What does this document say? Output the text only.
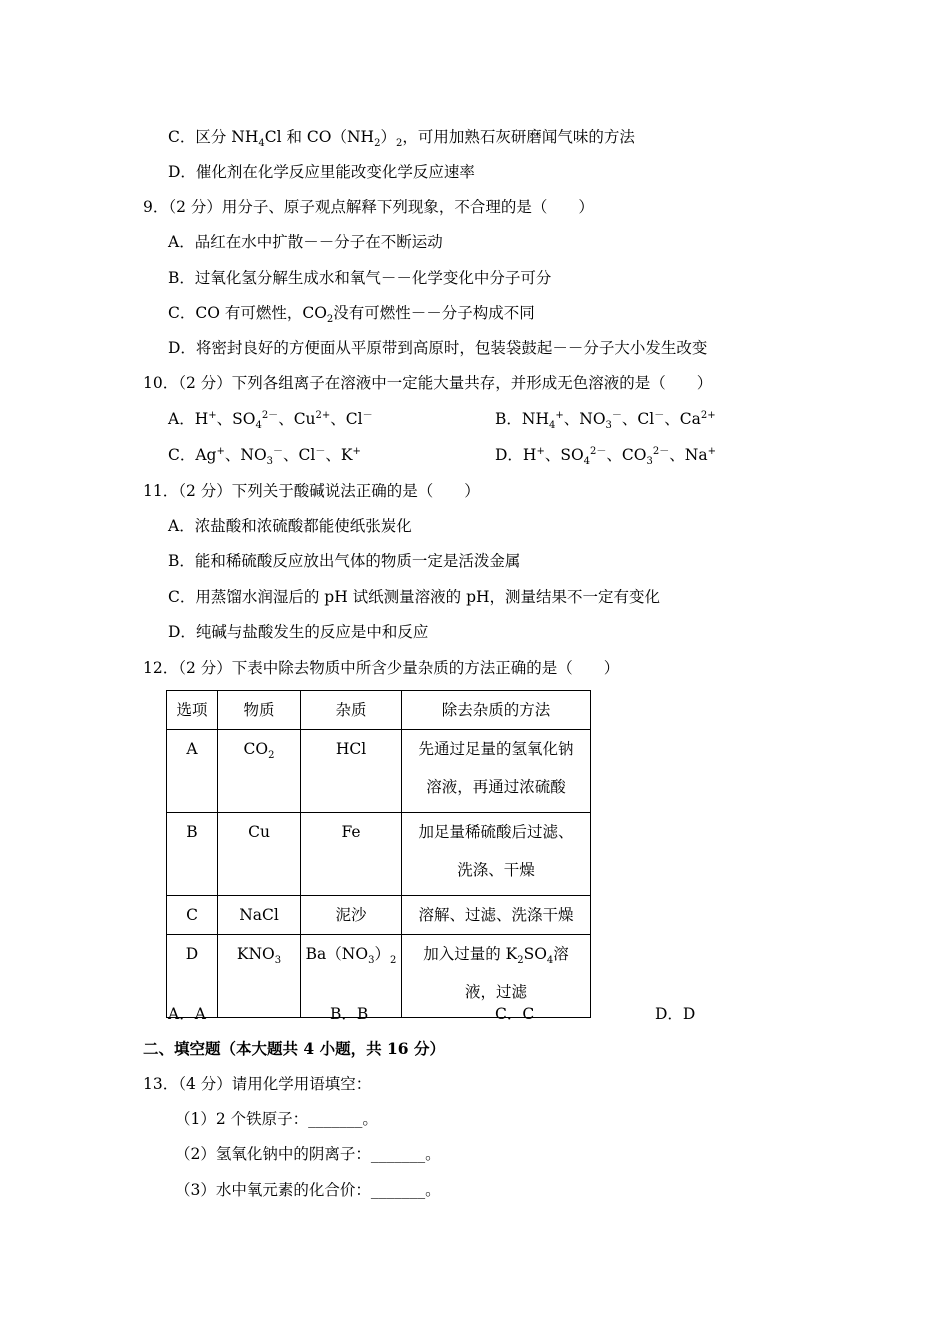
C．区分 $NH_4Cl$ 和 $CO(NH_2)_2$，可用加熟石灰研磨闻气味的方法
D．催化剂在化学反应里能改变化学反应速率
9．（2 分）用分子、原子观点解释下列现象，不合理的是（　　）
A．品红在水中扩散－－分子在不断运动
B．过氧化氢分解生成水和氧气－－化学变化中分子可分
C．CO 有可燃性，$CO_2$没有可燃性－－分子构成不同
D．将密封良好的方便面从平原带到高原时，包装袋鼓起－－分子大小发生改变
10．（2 分）下列各组离子在溶液中一定能大量共存，并形成无色溶液的是（　　）
A．H+、$SO_4^{2-}$、$Cu^{2+}$、Cl－	B．$NH_4^+$、$NO_3^-$、Cl－、$Ca^{2+}$
C．Ag+、$NO_3^-$、Cl－、K+	D．H+、$SO_4^{2-}$、$CO_3^{2-}$、Na+
11．（2 分）下列关于酸碱说法正确的是（　　）
A．浓盐酸和浓硫酸都能使纸张炭化
B．能和稀硫酸反应放出气体的物质一定是活泼金属
C．用蒸馏水润湿后的 pH 试纸测量溶液的 pH，测量结果不一定有变化
D．纯碱与盐酸发生的反应是中和反应
12．（2 分）下表中除去物质中所含少量杂质的方法正确的是（　　）
选项	物质	杂质	除去杂质的方法
A	$CO_2$	HCl	先通过足量的氢氧化钠
溶液，再通过浓硫酸

B	Cu	Fe	加足量稀硫酸后过滤、
洗涤、干燥

C	NaCl	泥沙	溶解、过滤、洗涤干燥
D	$KNO_3$	$Ba(NO_3)_2$	加入过量的 $K_2SO_4$溶
液，过滤
A．A	B．B	C．C	D．D
二、填空题（本大题共 4 小题，共 16 分）
13．（4 分）请用化学用语填空：
（1）2 个铁原子：_______。
（2）氢氧化钠中的阴离子：_______。
（3）水中氧元素的化合价：_______。
